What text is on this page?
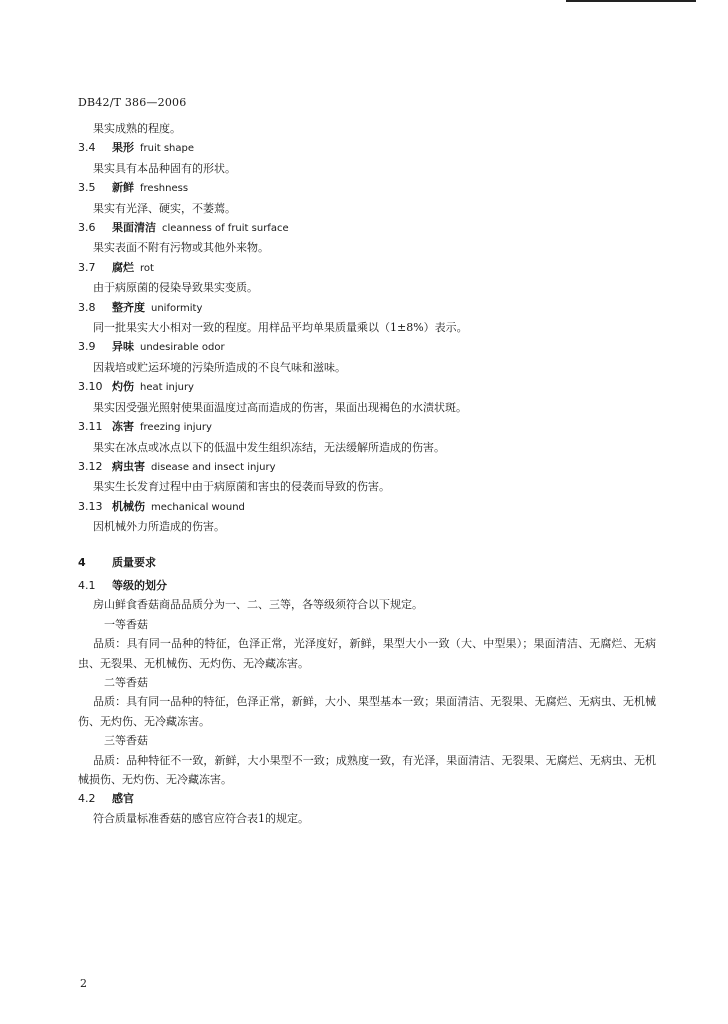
DB42/T 386—2006
果实成熟的程度。
3.4 果形 fruit shape
果实具有本品种固有的形状。
3.5 新鲜 freshness
果实有光泽、硬实，不萎蔫。
3.6 果面清洁 cleanness of fruit surface
果实表面不附有污物或其他外来物。
3.7 腐烂 rot
由于病原菌的侵染导致果实变质。
3.8 整齐度 uniformity
同一批果实大小相对一致的程度。用样品平均单果质量乘以（1±8%）表示。
3.9 异味 undesirable odor
因栽培或贮运环境的污染所造成的不良气味和滋味。
3.10 灼伤 heat injury
果实因受强光照射使果面温度过高而造成的伤害，果面出现褐色的水渍状斑。
3.11 冻害 freezing injury
果实在冰点或冰点以下的低温中发生组织冻结，无法缓解所造成的伤害。
3.12 病虫害 disease and insect injury
果实生长发育过程中由于病原菌和害虫的侵袭而导致的伤害。
3.13 机械伤 mechanical wound
因机械外力所造成的伤害。
4 质量要求
4.1 等级的划分
房山鲜食香菇商品品质分为一、二、三等，各等级须符合以下规定。
一等香菇
品质：具有同一品种的特征，色泽正常，光泽度好，新鲜，果型大小一致（大、中型果）；果面清洁、无腐烂、无病虫、无裂果、无机械伤、无灼伤、无冷藏冻害。
二等香菇
品质：具有同一品种的特征，色泽正常，新鲜，大小、果型基本一致；果面清洁、无裂果、无腐烂、无病虫、无机械伤、无灼伤、无冷藏冻害。
三等香菇
品质：品种特征不一致，新鲜，大小果型不一致；成熟度一致，有光泽，果面清洁、无裂果、无腐烂、无病虫、无机械损伤、无灼伤、无冷藏冻害。
4.2 感官
符合质量标准香菇的感官应符合表1的规定。
2
